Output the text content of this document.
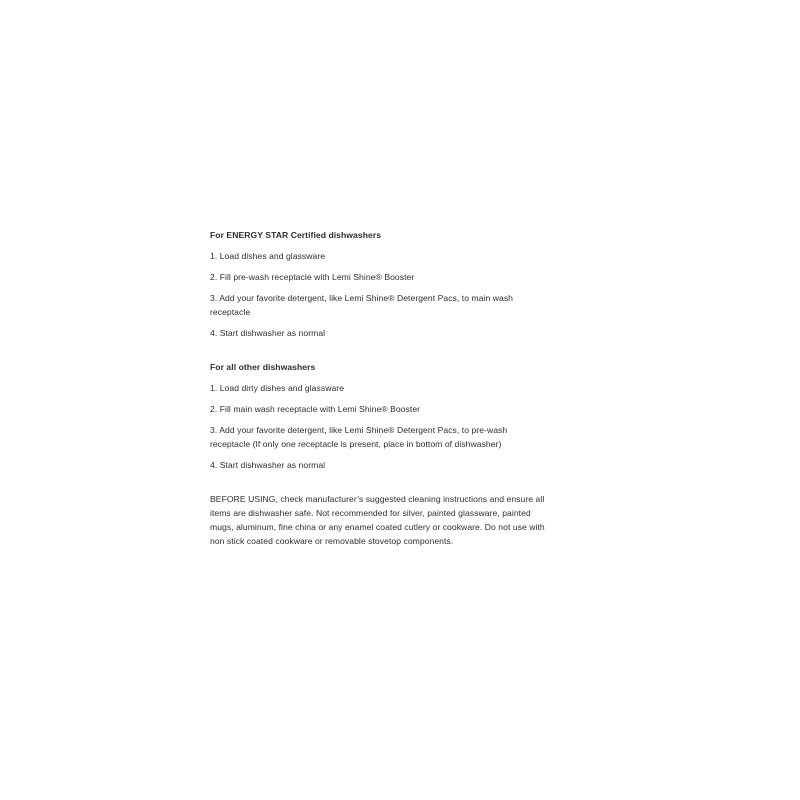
For ENERGY STAR Certified dishwashers
1. Load dishes and glassware
2. Fill pre-wash receptacle with Lemi Shine® Booster
3. Add your favorite detergent, like Lemi Shine® Detergent Pacs, to main wash receptacle
4. Start dishwasher as normal
For all other dishwashers
1. Load dirty dishes and glassware
2. Fill main wash receptacle with Lemi Shine® Booster
3. Add your favorite detergent, like Lemi Shine® Detergent Pacs, to pre-wash receptacle (If only one receptacle is present, place in bottom of dishwasher)
4. Start dishwasher as normal
BEFORE USING, check manufacturer’s suggested cleaning instructions and ensure all items are dishwasher safe. Not recommended for silver, painted glassware, painted mugs, aluminum, fine china or any enamel coated cutlery or cookware. Do not use with non stick coated cookware or removable stovetop components.
